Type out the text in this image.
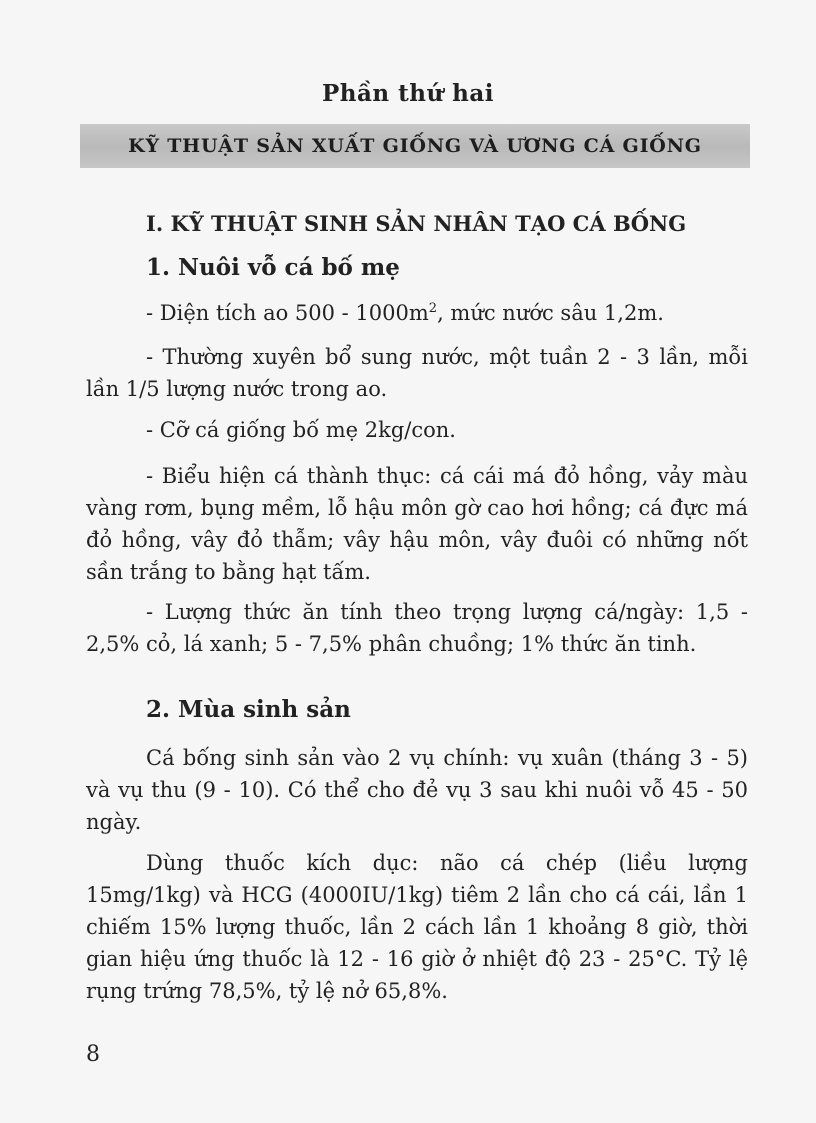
Phần thứ hai
KỸ THUẬT SẢN XUẤT GIỐNG VÀ ƯƠNG CÁ GIỐNG
I. KỸ THUẬT SINH SẢN NHÂN TẠO CÁ BỐNG
1. Nuôi vỗ cá bố mẹ
- Diện tích ao $500 - 1000m^2$, mức nước sâu 1,2m.
- Thường xuyên bổ sung nước, một tuần 2 - 3 lần, mỗi lần 1/5 lượng nước trong ao.
- Cỡ cá giống bố mẹ 2kg/con.
- Biểu hiện cá thành thục: cá cái má đỏ hồng, vảy màu vàng rơm, bụng mềm, lỗ hậu môn gờ cao hơi hồng; cá đực má đỏ hồng, vây đỏ thẫm; vây hậu môn, vây đuôi có những nốt sần trắng to bằng hạt tấm.
- Lượng thức ăn tính theo trọng lượng cá/ngày: 1,5 - 2,5% cỏ, lá xanh; 5 - 7,5% phân chuồng; 1% thức ăn tinh.
2. Mùa sinh sản
Cá bống sinh sản vào 2 vụ chính: vụ xuân (tháng 3 - 5) và vụ thu (9 - 10). Có thể cho đẻ vụ 3 sau khi nuôi vỗ 45 - 50 ngày.
Dùng thuốc kích dục: não cá chép (liều lượng 15mg/1kg) và HCG (4000IU/1kg) tiêm 2 lần cho cá cái, lần 1 chiếm 15% lượng thuốc, lần 2 cách lần 1 khoảng 8 giờ, thời gian hiệu ứng thuốc là 12 - 16 giờ ở nhiệt độ 23 - 25°C. Tỷ lệ rụng trứng 78,5%, tỷ lệ nở 65,8%.
8
